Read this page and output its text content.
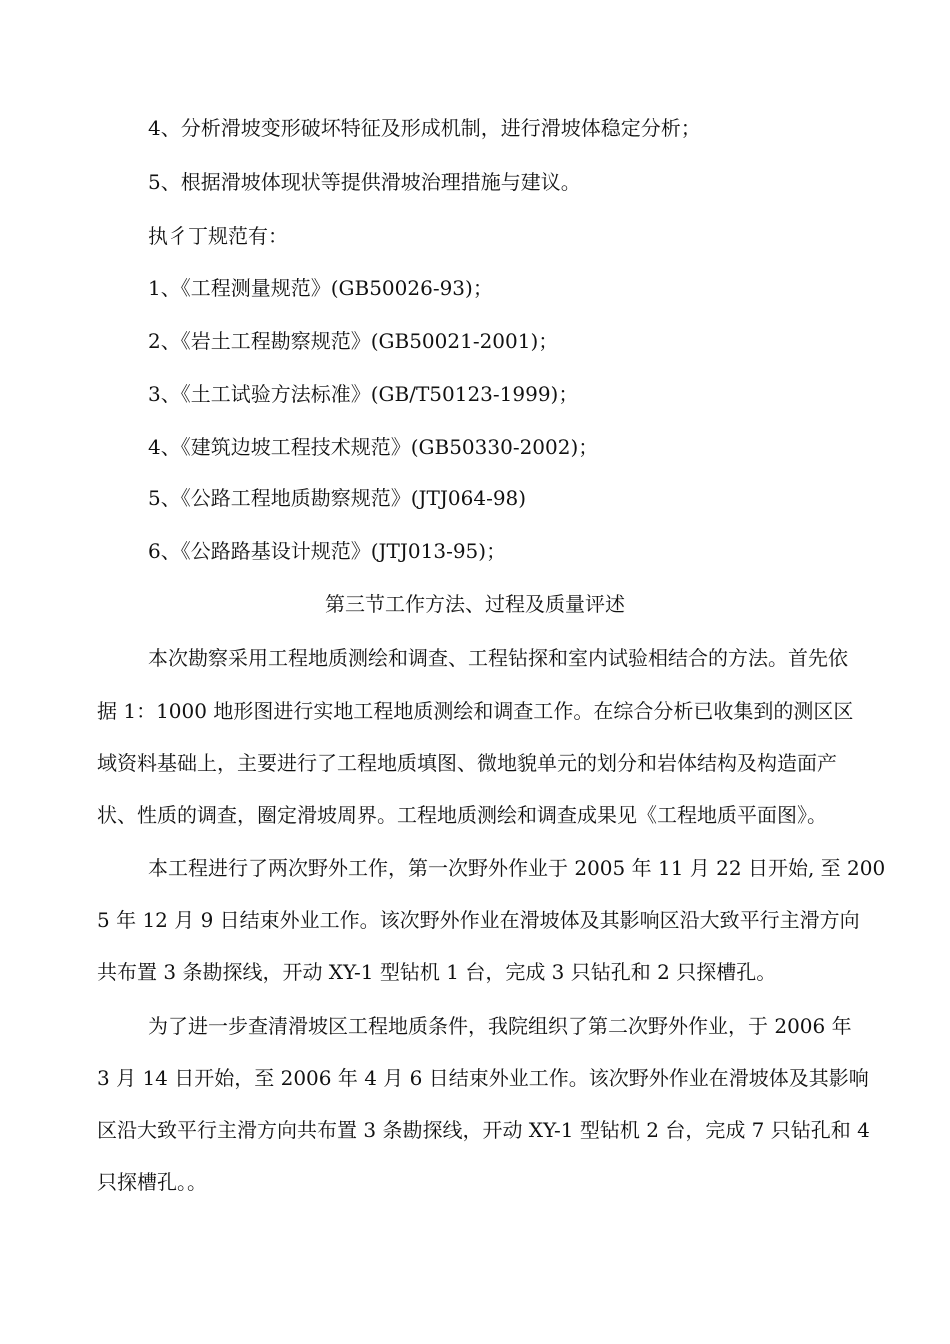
4、分析滑坡变形破坏特征及形成机制，进行滑坡体稳定分析；
5、根据滑坡体现状等提供滑坡治理措施与建议。
执彳丁规范有：
1、《工程测量规范》(GB50026-93)；
2、《岩土工程勘察规范》(GB50021-2001)；
3、《土工试验方法标准》(GB/T50123-1999)；
4、《建筑边坡工程技术规范》(GB50330-2002)；
5、《公路工程地质勘察规范》(JTJ064-98)
6、《公路路基设计规范》(JTJ013-95)；
第三节工作方法、过程及质量评述
本次勘察采用工程地质测绘和调查、工程钻探和室内试验相结合的方法。首先依
据 1：1000 地形图进行实地工程地质测绘和调查工作。在综合分析已收集到的测区区
域资料基础上，主要进行了工程地质填图、微地貌单元的划分和岩体结构及构造面产
状、性质的调查，圈定滑坡周界。工程地质测绘和调查成果见《工程地质平面图》。
本工程进行了两次野外工作，第一次野外作业于 2005 年 11 月 22 日开始, 至 200
5 年 12 月 9 日结束外业工作。该次野外作业在滑坡体及其影响区沿大致平行主滑方向
共布置 3 条勘探线，开动 XY-1 型钻机 1 台，完成 3 只钻孔和 2 只探槽孔。
为了进一步查清滑坡区工程地质条件，我院组织了第二次野外作业，于 2006 年
3 月 14 日开始，至 2006 年 4 月 6 日结束外业工作。该次野外作业在滑坡体及其影响
区沿大致平行主滑方向共布置 3 条勘探线，开动 XY-1 型钻机 2 台，完成 7 只钻孔和 4
只探槽孔。。
